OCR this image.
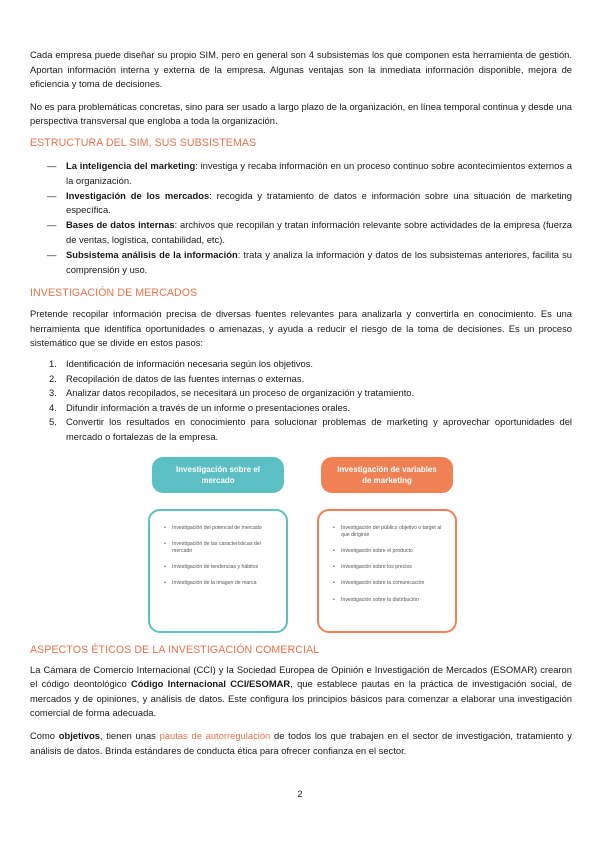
Cada empresa puede diseñar su propio SIM, pero en general son 4 subsistemas los que componen esta herramienta de gestión. Aportan información interna y externa de la empresa. Algunas ventajas son la inmediata información disponible, mejora de eficiencia y toma de decisiones.

No es para problemáticas concretas, sino para ser usado a largo plazo de la organización, en línea temporal continua y desde una perspectiva transversal que engloba a toda la organización.

ESTRUCTURA DEL SIM, SUS SUBSISTEMAS
— La inteligencia del marketing: investiga y recaba información en un proceso continuo sobre acontecimientos externos a la organización.
— Investigación de los mercados: recogida y tratamiento de datos e información sobre una situación de marketing específica.
— Bases de datos internas: archivos que recopilan y tratan información relevante sobre actividades de la empresa (fuerza de ventas, logística, contabilidad, etc).
— Subsistema análisis de la información: trata y analiza la información y datos de los subsistemas anteriores, facilita su comprensión y uso.
INVESTIGACIÓN DE MERCADOS

Pretende recopilar información precisa de diversas fuentes relevantes para analizarla y convertirla en conocimiento. Es una herramienta que identifica oportunidades o amenazas, y ayuda a reducir el riesgo de la toma de decisiones. Es un proceso sistemático que se divide en estos pasos:

1. Identificación de información necesaria según los objetivos.
2. Recopilación de datos de las fuentes internas o externas.
3. Analizar datos recopilados, se necesitará un proceso de organización y tratamiento.
4. Difundir información a través de un informe o presentaciones orales.
5. Convertir los resultados en conocimiento para solucionar problemas de marketing y aprovechar oportunidades del mercado o fortalezas de la empresa.
Investigación sobre el mercado
Investigación de variables de marketing
• Investigación del potencial de mercado
• Investigación de las características del mercado
• Investigación de tendencias y hábitos
• Investigación de la imagen de marca
• Investigación del público objetivo o target al que dirigirse
• Investigación sobre el producto
• Investigación sobre los precios
• Investigación sobre la comunicación
• Investigación sobre la distribución
ASPECTOS ÉTICOS DE LA INVESTIGACIÓN COMERCIAL

La Cámara de Comercio Internacional (CCI) y la Sociedad Europea de Opinión e Investigación de Mercados (ESOMAR) crearon el código deontológico Código Internacional CCI/ESOMAR, que establece pautas en la práctica de investigación social, de mercados y de opiniones, y análisis de datos. Este configura los principios básicos para comenzar a elaborar una investigación comercial de forma adecuada.

Como objetivos, tienen unas pautas de autorregulación de todos los que trabajen en el sector de investigación, tratamiento y análisis de datos. Brinda estándares de conducta ética para ofrecer confianza en el sector.

2
